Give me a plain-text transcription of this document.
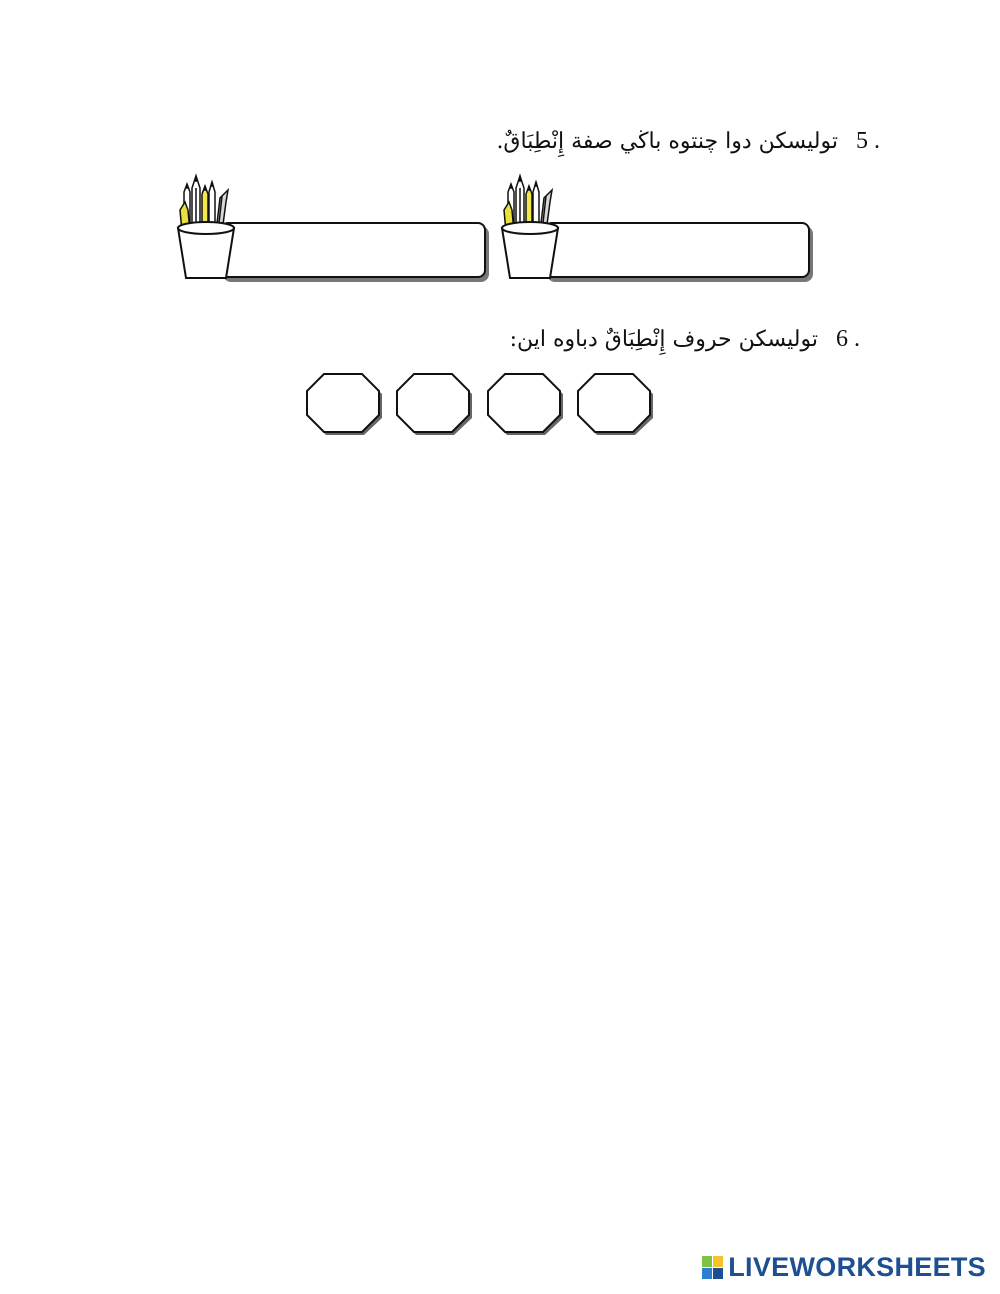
5 .
توليسكن دوا چنتوه باڬي صفة إِنْطِبَاقٌ.
6 .
توليسكن حروف إِنْطِبَاقٌ دباوه اين:
LIVEWORKSHEETS
